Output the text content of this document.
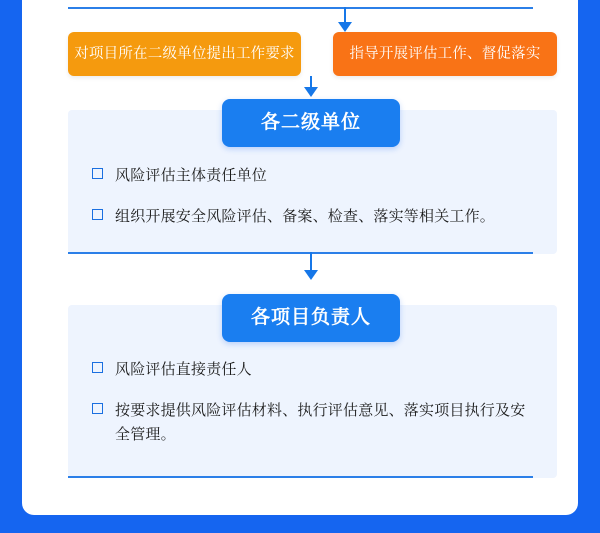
对项目所在二级单位提出工作要求	指导开展评估工作、督促落实
各二级单位
风险评估主体责任单位
组织开展安全风险评估、备案、检查、落实等相关工作。
各项目负责人
风险评估直接责任人
按要求提供风险评估材料、执行评估意见、落实项目执行及安全管理。
